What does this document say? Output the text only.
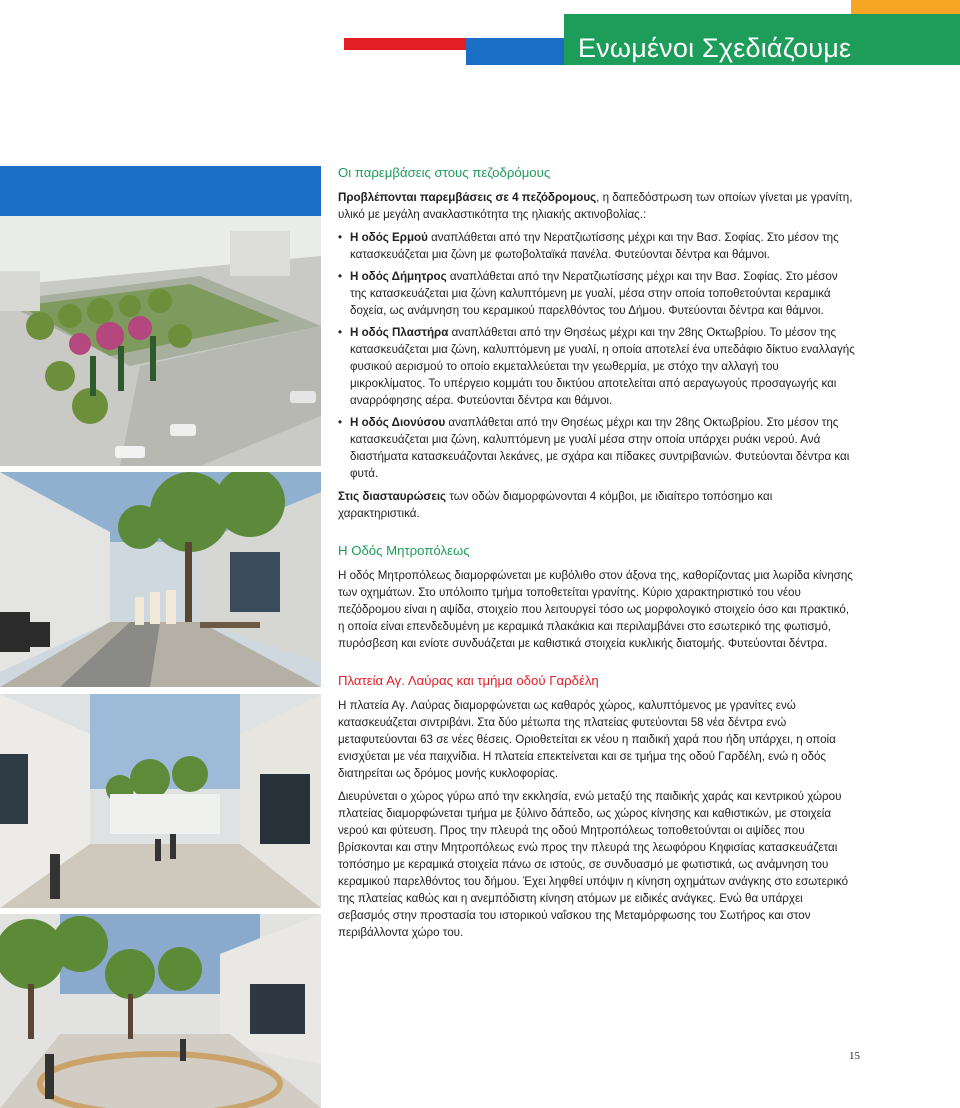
Ενωμένοι Σχεδιάζουμε
Οι παρεμβάσεις στους πεζοδρόμους

Προβλέπονται παρεμβάσεις σε 4 πεζόδρομους, η δαπεδόστρωση των οποίων γίνεται με γρανίτη, υλικό με μεγάλη ανακλαστικότητα της ηλιακής ακτινοβολίας.:

• Η οδός Ερμού αναπλάθεται από την Νερατζιωτίσσης μέχρι και την Βασ. Σοφίας. Στο μέσον της κατασκευάζεται μια ζώνη με φωτοβολταϊκά πανέλα. Φυτεύονται δέντρα και θάμνοι.
• Η οδός Δήμητρος αναπλάθεται από την Νερατζιωτίσσης μέχρι και την Βασ. Σοφίας. Στο μέσον της κατασκευάζεται μια ζώνη καλυπτόμενη με γυαλί, μέσα στην οποία τοποθετούνται κεραμικά δοχεία, ως ανάμνηση του κεραμικού παρελθόντος του Δήμου. Φυτεύονται δέντρα και θάμνοι.
• Η οδός Πλαστήρα αναπλάθεται από την Θησέως μέχρι και την 28ης Οκτωβρίου. Το μέσον της κατασκευάζεται μια ζώνη, καλυπτόμενη με γυαλί, η οποία αποτελεί ένα υπεδάφιο δίκτυο εναλλαγής φυσικού αερισμού το οποίο εκμεταλλεύεται την γεωθερμία, με στόχο την αλλαγή του μικροκλίματος. Το υπέργειο κομμάτι του δικτύου αποτελείται από αεραγωγούς προσαγωγής και αναρρόφησης αέρα. Φυτεύονται δέντρα και θάμνοι.
• Η οδός Διονύσου αναπλάθεται από την Θησέως μέχρι και την 28ης Οκτωβρίου. Στο μέσον της κατασκευάζεται μια ζώνη, καλυπτόμενη με γυαλί μέσα στην οποία υπάρχει ρυάκι νερού. Ανά διαστήματα κατασκευάζονται λεκάνες, με σχάρα και πίδακες συντριβανιών. Φυτεύονται δέντρα και φυτά.

Στις διασταυρώσεις των οδών διαμορφώνονται 4 κόμβοι, με ιδιαίτερο τοπόσημο και χαρακτηριστικά.

Η Οδός Μητροπόλεως

Η οδός Μητροπόλεως διαμορφώνεται με κυβόλιθο στον άξονα της, καθορίζοντας μια λωρίδα κίνησης των οχημάτων. Στο υπόλοιπο τμήμα τοποθετείται γρανίτης. Κύριο χαρακτηριστικό του νέου πεζόδρομου είναι η αψίδα, στοιχείο που λειτουργεί τόσο ως μορφολογικό στοιχείο όσο και πρακτικό, η οποία είναι επενδεδυμένη με κεραμικά πλακάκια και περιλαμβάνει στο εσωτερικό της φωτισμό, πυρόσβεση και ενίοτε συνδυάζεται με καθιστικά στοιχεία κυκλικής διατομής. Φυτεύονται δέντρα.

Πλατεία Αγ. Λαύρας και τμήμα οδού Γαρδέλη

Η πλατεία Αγ. Λαύρας διαμορφώνεται ως καθαρός χώρος, καλυπτόμενος με γρανίτες ενώ κατασκευάζεται σιντριβάνι. Στα δύο μέτωπα της πλατείας φυτεύονται 58 νέα δέντρα ενώ μεταφυτεύονται 63 σε νέες θέσεις. Οριοθετείται εκ νέου η παιδική χαρά που ήδη υπάρχει, η οποία ενισχύεται με νέα παιχνίδια. Η πλατεία επεκτείνεται και σε τμήμα της οδού Γαρδέλη, ενώ η οδός διατηρείται ως δρόμος μονής κυκλοφορίας.

Διευρύνεται ο χώρος γύρω από την εκκλησία, ενώ μεταξύ της παιδικής χαράς και κεντρικού χώρου πλατείας διαμορφώνεται τμήμα με ξύλινο δάπεδο, ως χώρος κίνησης και καθιστικών, με στοιχεία νερού και φύτευση. Προς την πλευρά της οδού Μητροπόλεως τοποθετούνται οι αψίδες που βρίσκονται και στην Μητροπόλεως ενώ προς την πλευρά της λεωφόρου Κηφισίας κατασκευάζεται τοπόσημο με κεραμικά στοιχεία πάνω σε ιστούς, σε συνδυασμό με φωτιστικά, ως ανάμνηση του κεραμικού παρελθόντος του δήμου. Έχει ληφθεί υπόψιν η κίνηση οχημάτων ανάγκης στο εσωτερικό της πλατείας καθώς και η ανεμπόδιστη κίνηση ατόμων με ειδικές ανάγκες. Ενώ θα υπάρχει σεβασμός στην προστασία του ιστορικού ναΐσκου της Μεταμόρφωσης του Σωτήρος και στον περιβάλλοντα χώρο του.

15
